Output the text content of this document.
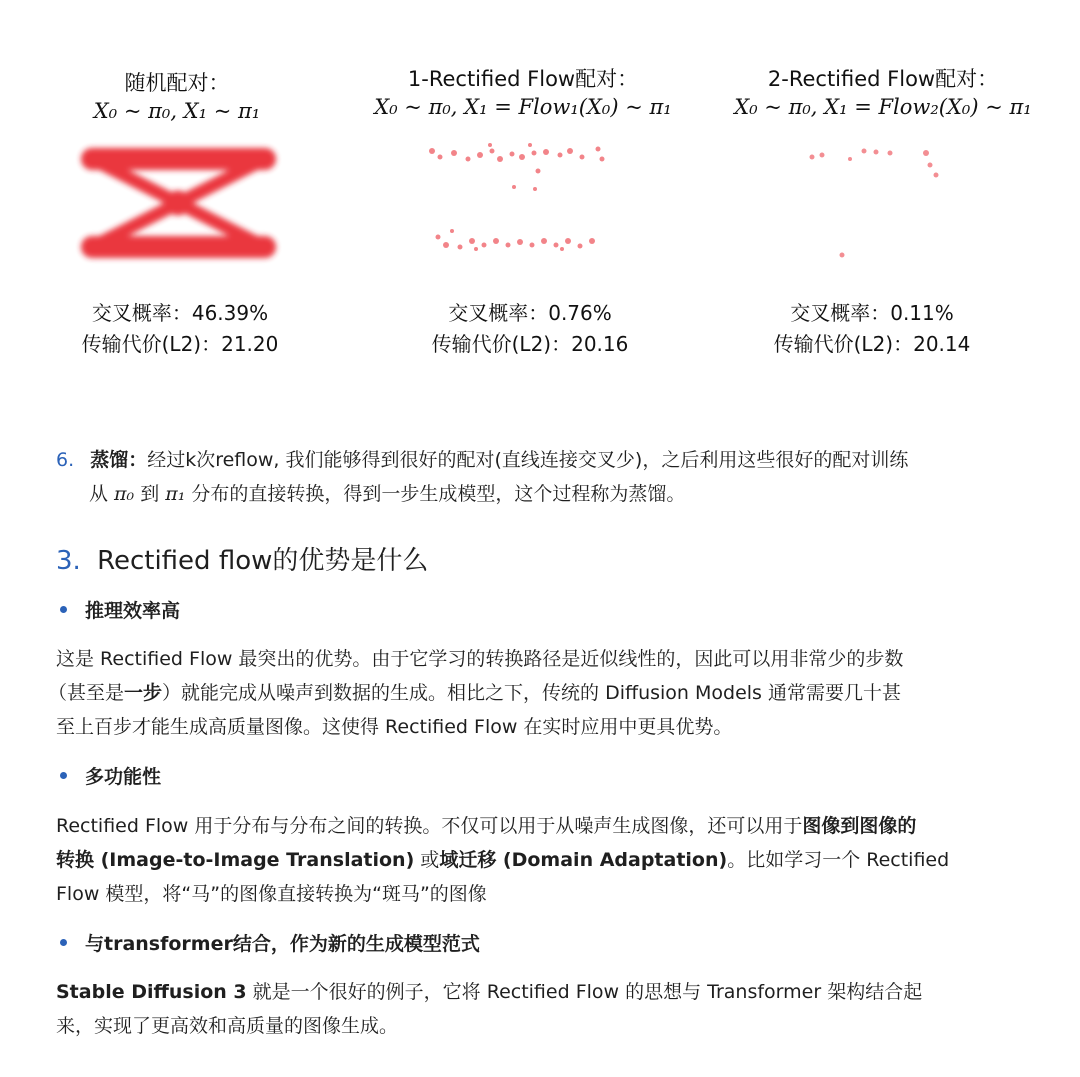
随机配对：
X₀ ~ π₀, X₁ ~ π₁
交叉概率：46.39%
传输代价(L2)：21.20
1-Rectified Flow配对：
X₀ ~ π₀, X₁ = Flow₁(X₀) ~ π₁
交叉概率：0.76%
传输代价(L2)：20.16
2-Rectified Flow配对：
X₀ ~ π₀, X₁ = Flow₂(X₀) ~ π₁
交叉概率：0.11%
传输代价(L2)：20.14
6. 蒸馏：经过k次reflow, 我们能够得到很好的配对(直线连接交叉少)，之后利用这些很好的配对训练
从 π₀ 到 π₁ 分布的直接转换，得到一步生成模型，这个过程称为蒸馏。
3. Rectified flow的优势是什么
推理效率高

这是 Rectified Flow 最突出的优势。由于它学习的转换路径是近似线性的，因此可以用非常少的步数

（甚至是一步）就能完成从噪声到数据的生成。相比之下，传统的 Diffusion Models 通常需要几十甚

至上百步才能生成高质量图像。这使得 Rectified Flow 在实时应用中更具优势。

多功能性

Rectified Flow 用于分布与分布之间的转换。不仅可以用于从噪声生成图像，还可以用于图像到图像的

转换 (Image-to-Image Translation) 或域迁移 (Domain Adaptation)。比如学习一个 Rectified

Flow 模型，将“马”的图像直接转换为“斑马”的图像

与transformer结合，作为新的生成模型范式

Stable Diffusion 3 就是一个很好的例子，它将 Rectified Flow 的思想与 Transformer 架构结合起

来，实现了更高效和高质量的图像生成。
